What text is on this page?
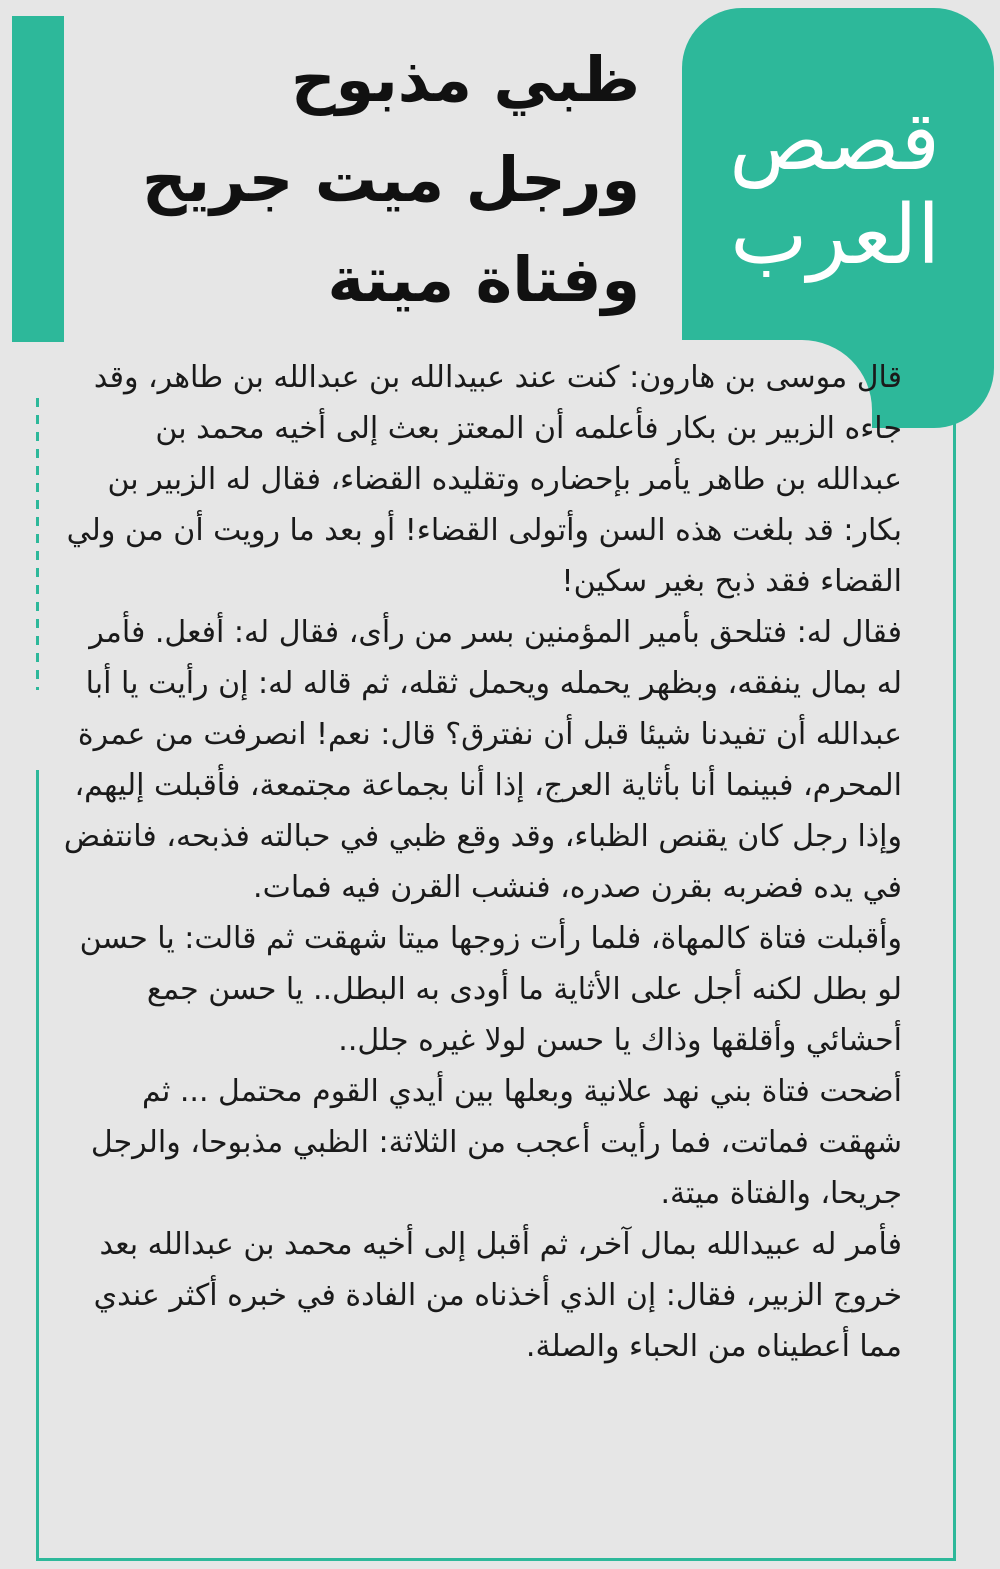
قصص
العرب
ظبي مذبوح
ورجل ميت جريح
وفتاة ميتة

قال موسى بن هارون: كنت عند عبيدالله بن عبدالله بن طاهر، وقد جاءه الزبير بن بكار فأعلمه أن المعتز بعث إلى أخيه محمد بن عبدالله بن طاهر يأمر بإحضاره وتقليده القضاء، فقال له الزبير بن بكار: قد بلغت هذه السن وأتولى القضاء! أو بعد ما رويت أن من ولي القضاء فقد ذبح بغير سكين!

فقال له: فتلحق بأمير المؤمنين بسر من رأى، فقال له: أفعل. فأمر له بمال ينفقه، وبظهر يحمله ويحمل ثقله، ثم قاله له: إن رأيت يا أبا عبدالله أن تفيدنا شيئا قبل أن نفترق؟ قال: نعم! انصرفت من عمرة المحرم، فبينما أنا بأثاية العرج، إذا أنا بجماعة مجتمعة، فأقبلت إليهم، وإذا رجل كان يقنص الظباء، وقد وقع ظبي في حبالته فذبحه، فانتفض في يده فضربه بقرن صدره، فنشب القرن فيه فمات.

وأقبلت فتاة كالمهاة، فلما رأت زوجها ميتا شهقت ثم قالت: يا حسن لو بطل لكنه أجل على الأثاية ما أودى به البطل.. يا حسن جمع أحشائي وأقلقها وذاك يا حسن لولا غيره جلل..

أضحت فتاة بني نهد علانية وبعلها بين أيدي القوم محتمل ... ثم شهقت فماتت، فما رأيت أعجب من الثلاثة: الظبي مذبوحا، والرجل جريحا، والفتاة ميتة.

فأمر له عبيدالله بمال آخر، ثم أقبل إلى أخيه محمد بن عبدالله بعد خروج الزبير، فقال: إن الذي أخذناه من الفادة في خبره أكثر عندي مما أعطيناه من الحباء والصلة.
